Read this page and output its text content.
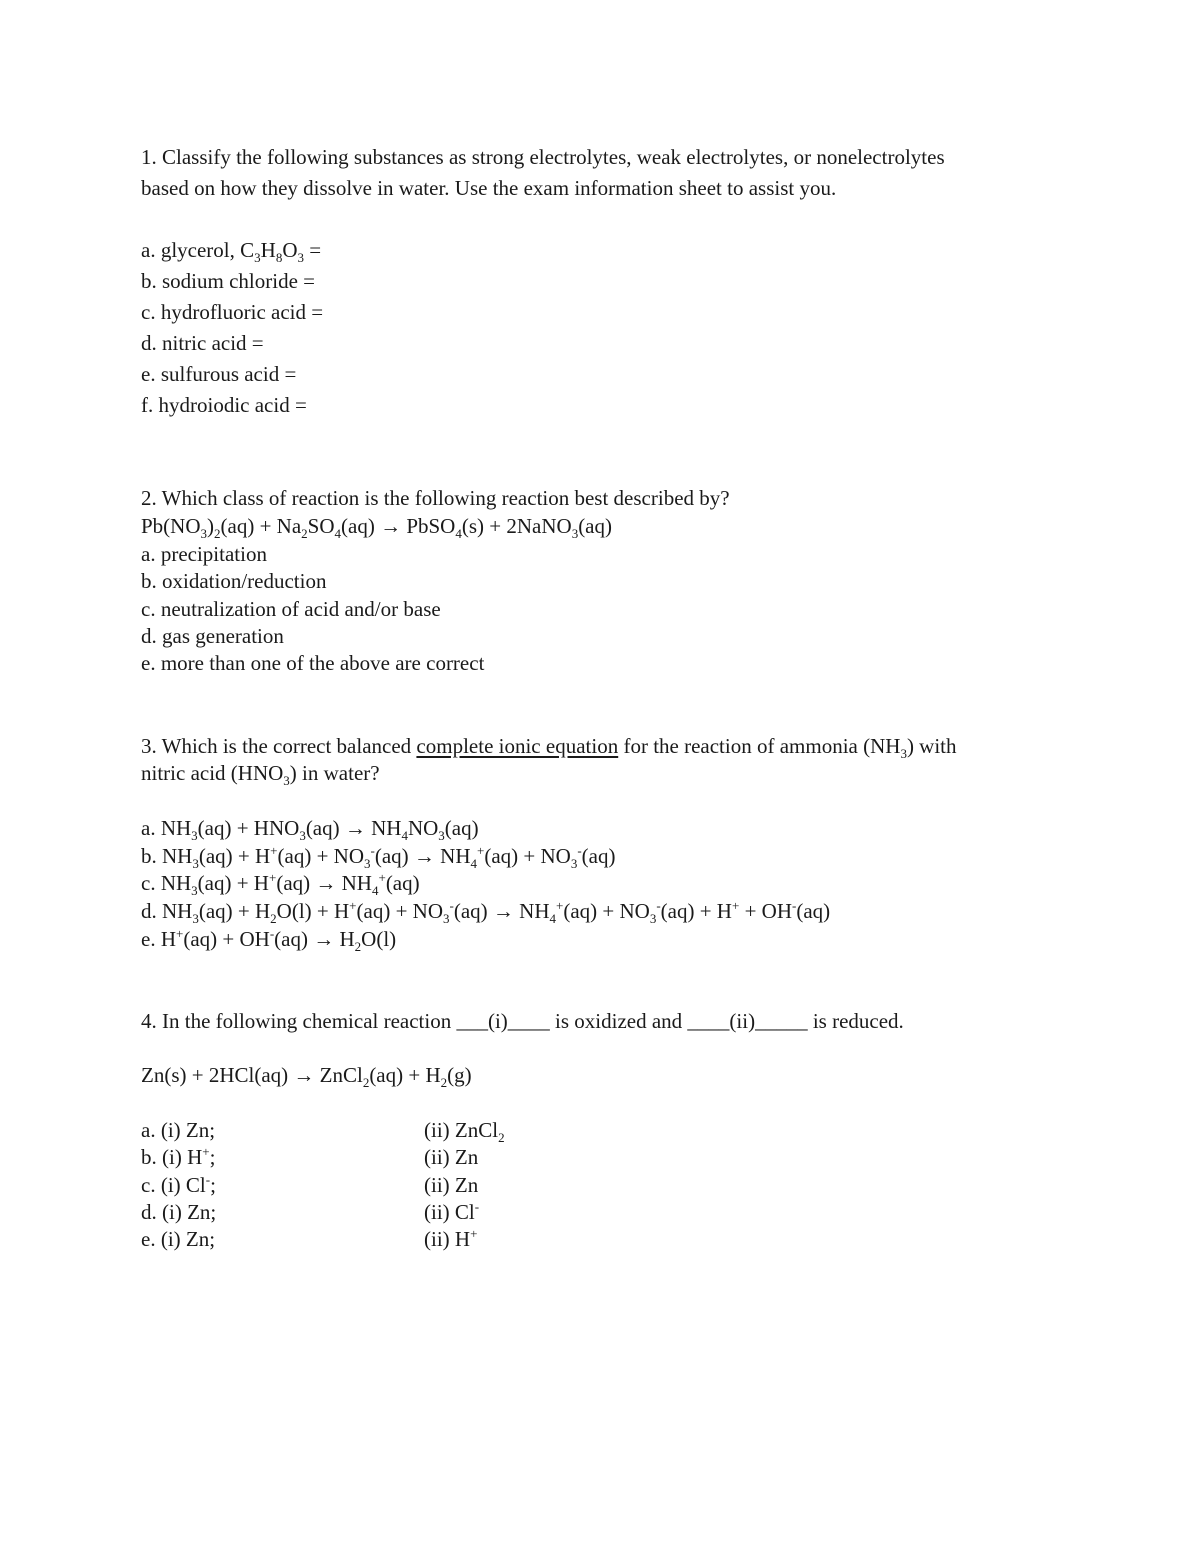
1. Classify the following substances as strong electrolytes, weak electrolytes, or nonelectrolytes
based on how they dissolve in water. Use the exam information sheet to assist you.
a. glycerol, $C_3H_8O_3$ =
b. sodium chloride =
c. hydrofluoric acid =
d. nitric acid =
e. sulfurous acid =
f. hydroiodic acid =
2. Which class of reaction is the following reaction best described by?
$Pb(NO_3)_2(aq) + Na_2SO_4(aq)$ → PbSO$_4$(s) + 2NaNO$_3$(aq)
a. precipitation
b. oxidation/reduction
c. neutralization of acid and/or base
d. gas generation
e. more than one of the above are correct
3. Which is the correct balanced complete ionic equation for the reaction of ammonia $(NH_3)$ with
nitric acid $(HNO_3)$ in water?
a. $NH_3(aq) + HNO_3(aq) \to NH_4NO_3(aq)$
b. $NH_3(aq) + H^+(aq) + NO_3^-(aq) \to NH_4^+(aq) + NO_3^-(aq)$
c. $NH_3(aq) + H^+(aq) \to NH_4^+(aq)$
d. $NH_3(aq) + H_2O(l) + H^+(aq) + NO_3^-(aq) \to NH_4^+(aq) + NO_3^-(aq) + H^+ + OH^-(aq)$
e. $H^+(aq) + OH^-(aq) \to H_2O(l)$
4. In the following chemical reaction ___(i)____ is oxidized and ____(ii)_____ is reduced.
Zn(s) + 2HCl(aq) → ZnCl$_2$(aq) + $H_2(g)$
a. (i) Zn;	(ii) ZnCl$_2$
b. (i) H+;	(ii) Zn
c. (i) Cl-;	(ii) Zn
d. (i) Zn;	(ii) Cl-
e. (i) Zn;	(ii) H+
